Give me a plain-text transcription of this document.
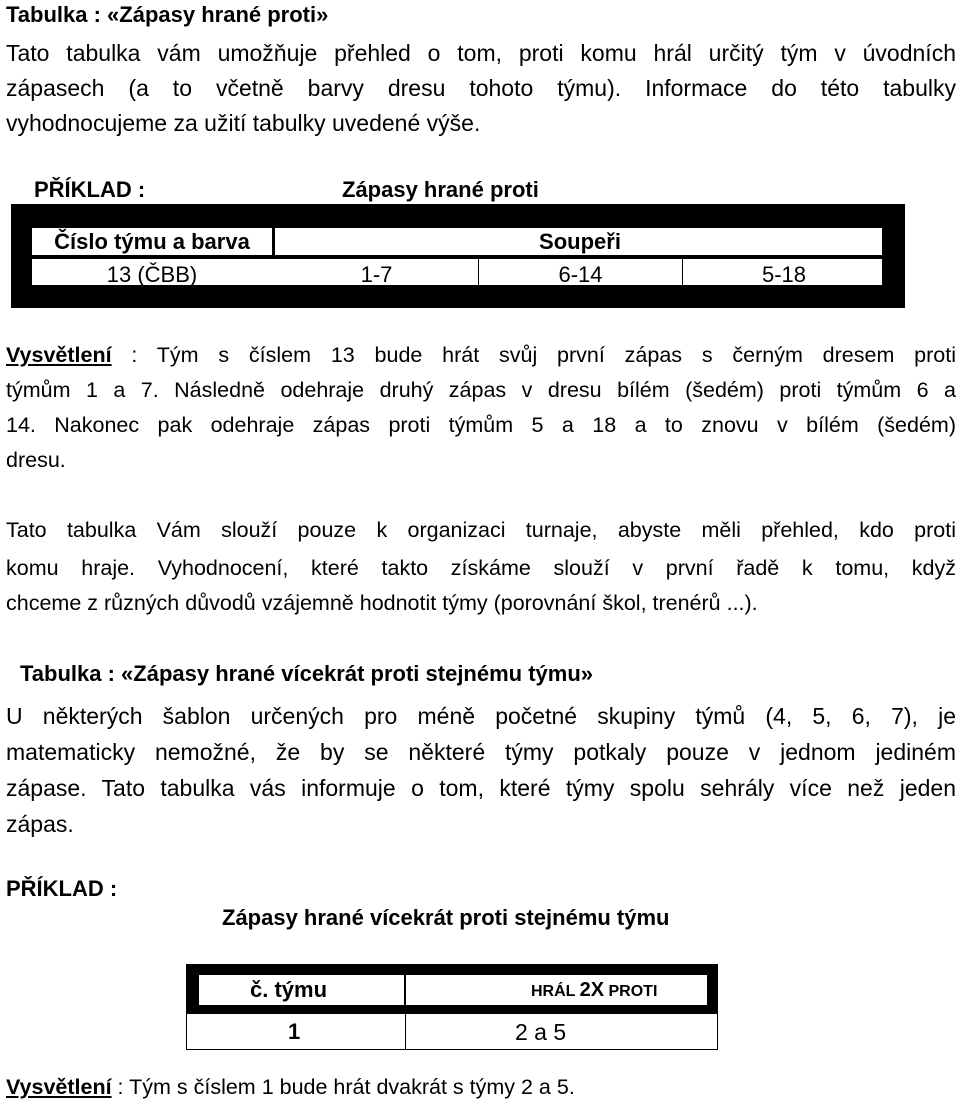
Tabulka : «Zápasy hrané proti»
Tato tabulka vám umožňuje přehled o tom, proti komu hrál určitý tým v úvodních
zápasech (a to včetně barvy dresu tohoto týmu). Informace do této tabulky
vyhodnocujeme za užití tabulky uvedené výše.
PŘÍKLAD :	Zápasy hrané proti
Číslo týmu a barva	Soupeři
13 (ČBB)	1-7	6-14	5-18
Vysvětlení : Tým s číslem 13 bude hrát svůj první zápas s černým dresem proti
týmům 1 a 7. Následně odehraje druhý zápas v dresu bílém (šedém) proti týmům 6 a
14. Nakonec pak odehraje zápas proti týmům 5 a 18 a to znovu v bílém (šedém)
dresu.
Tato tabulka Vám slouží pouze k organizaci turnaje, abyste měli přehled, kdo proti
komu hraje. Vyhodnocení, které takto získáme slouží v první řadě k tomu, když
chceme z různých důvodů vzájemně hodnotit týmy (porovnání škol, trenérů ...).
Tabulka : «Zápasy hrané vícekrát proti stejnému týmu»
U některých šablon určených pro méně početné skupiny týmů (4, 5, 6, 7), je
matematicky nemožné, že by se některé týmy potkaly pouze v jednom jediném
zápase. Tato tabulka vás informuje o tom, které týmy spolu sehrály více než jeden
zápas.
PŘÍKLAD :
Zápasy hrané vícekrát proti stejnému týmu
č. týmu	HRÁL 2X PROTI
1	2 a 5
Vysvětlení : Tým s číslem 1 bude hrát dvakrát s týmy 2 a 5.
